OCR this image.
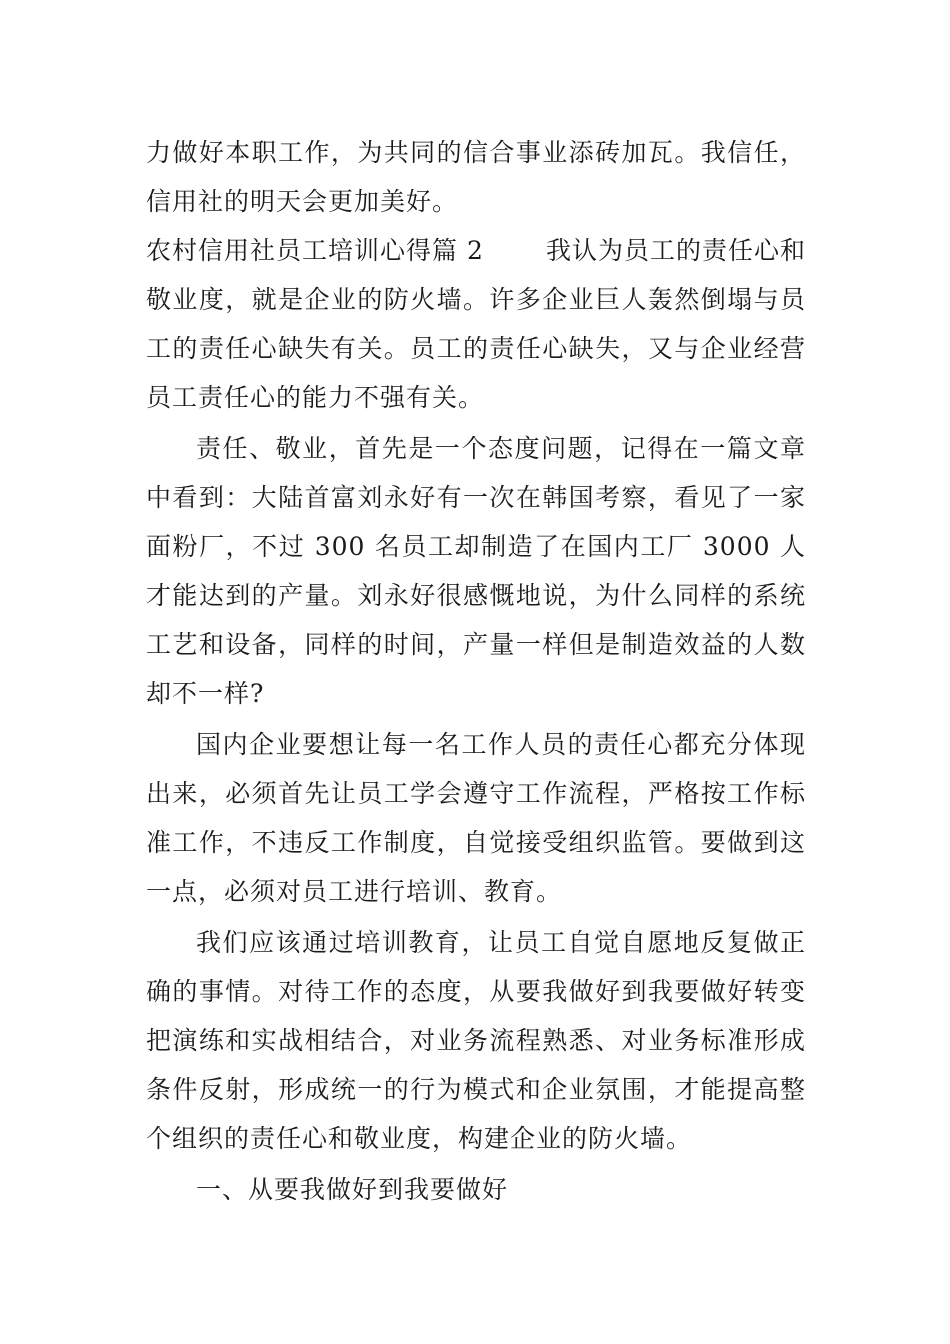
力做好本职工作，为共同的信合事业添砖加瓦。我信任，信用社的明天会更加美好。

农村信用社员工培训心得篇 2 我认为员工的责任心和敬业度，就是企业的防火墙。许多企业巨人轰然倒塌与员工的责任心缺失有关。员工的责任心缺失，又与企业经营员工责任心的能力不强有关。

责任、敬业，首先是一个态度问题，记得在一篇文章中看到：大陆首富刘永好有一次在韩国考察，看见了一家面粉厂，不过 300 名员工却制造了在国内工厂 3000 人才能达到的产量。刘永好很感慨地说，为什么同样的系统工艺和设备，同样的时间，产量一样但是制造效益的人数却不一样?

国内企业要想让每一名工作人员的责任心都充分体现出来，必须首先让员工学会遵守工作流程，严格按工作标准工作，不违反工作制度，自觉接受组织监管。要做到这一点，必须对员工进行培训、教育。

我们应该通过培训教育，让员工自觉自愿地反复做正确的事情。对待工作的态度，从要我做好到我要做好转变把演练和实战相结合，对业务流程熟悉、对业务标准形成条件反射，形成统一的行为模式和企业氛围，才能提高整个组织的责任心和敬业度，构建企业的防火墙。

一、从要我做好到我要做好
